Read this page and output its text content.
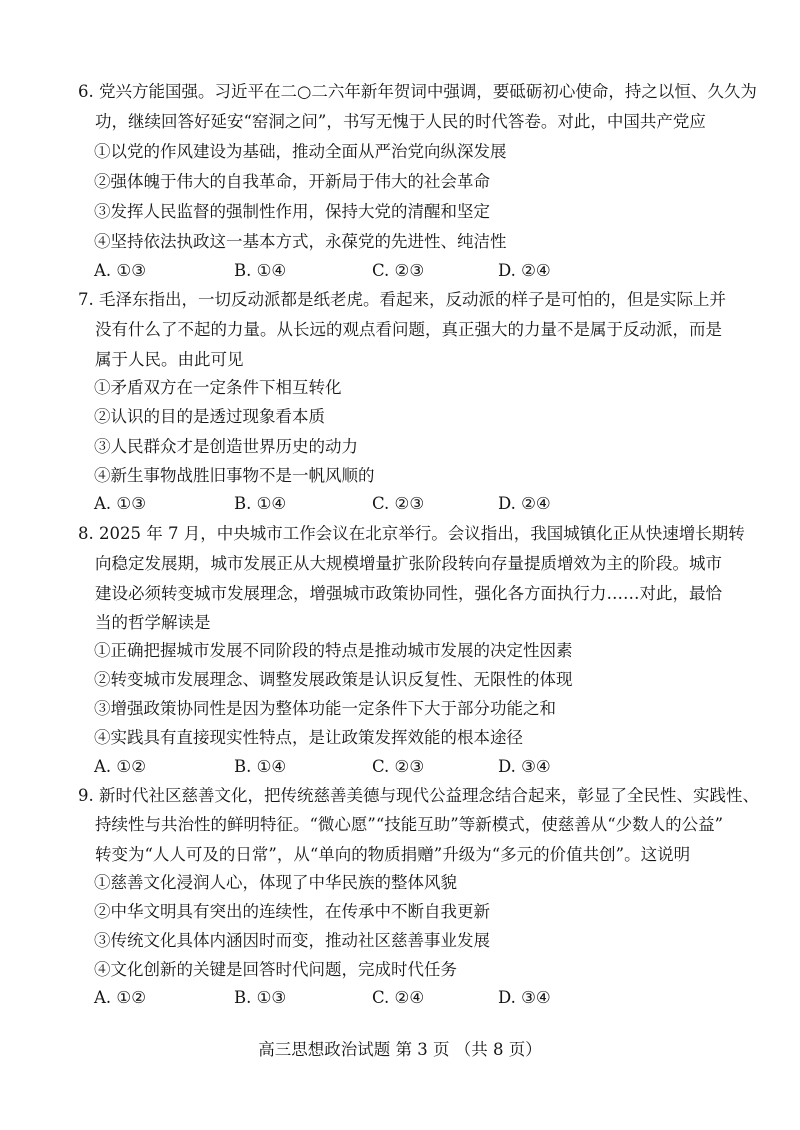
6. 党兴方能国强。习近平在二○二六年新年贺词中强调，要砥砺初心使命，持之以恒、久久为
功，继续回答好延安“窑洞之问”，书写无愧于人民的时代答卷。对此，中国共产党应
①以党的作风建设为基础，推动全面从严治党向纵深发展
②强体魄于伟大的自我革命，开新局于伟大的社会革命
③发挥人民监督的强制性作用，保持大党的清醒和坚定
④坚持依法执政这一基本方式，永葆党的先进性、纯洁性
A. ①③	B. ①④	C. ②③	D. ②④
7. 毛泽东指出，一切反动派都是纸老虎。看起来，反动派的样子是可怕的，但是实际上并
没有什么了不起的力量。从长远的观点看问题，真正强大的力量不是属于反动派，而是
属于人民。由此可见
①矛盾双方在一定条件下相互转化
②认识的目的是透过现象看本质
③人民群众才是创造世界历史的动力
④新生事物战胜旧事物不是一帆风顺的
A. ①③	B. ①④	C. ②③	D. ②④
8. 2025 年 7 月，中央城市工作会议在北京举行。会议指出，我国城镇化正从快速增长期转
向稳定发展期，城市发展正从大规模增量扩张阶段转向存量提质增效为主的阶段。城市
建设必须转变城市发展理念，增强城市政策协同性，强化各方面执行力……对此，最恰
当的哲学解读是
①正确把握城市发展不同阶段的特点是推动城市发展的决定性因素
②转变城市发展理念、调整发展政策是认识反复性、无限性的体现
③增强政策协同性是因为整体功能一定条件下大于部分功能之和
④实践具有直接现实性特点，是让政策发挥效能的根本途径
A. ①②	B. ①④	C. ②③	D. ③④
9. 新时代社区慈善文化，把传统慈善美德与现代公益理念结合起来，彰显了全民性、实践性、
持续性与共治性的鲜明特征。“微心愿”“技能互助”等新模式，使慈善从“少数人的公益”
转变为“人人可及的日常”，从“单向的物质捐赠”升级为“多元的价值共创”。这说明
①慈善文化浸润人心，体现了中华民族的整体风貌
②中华文明具有突出的连续性，在传承中不断自我更新
③传统文化具体内涵因时而变，推动社区慈善事业发展
④文化创新的关键是回答时代问题，完成时代任务
A. ①②	B. ①③	C. ②④	D. ③④
高三思想政治试题 第 3 页 （共 8 页）
